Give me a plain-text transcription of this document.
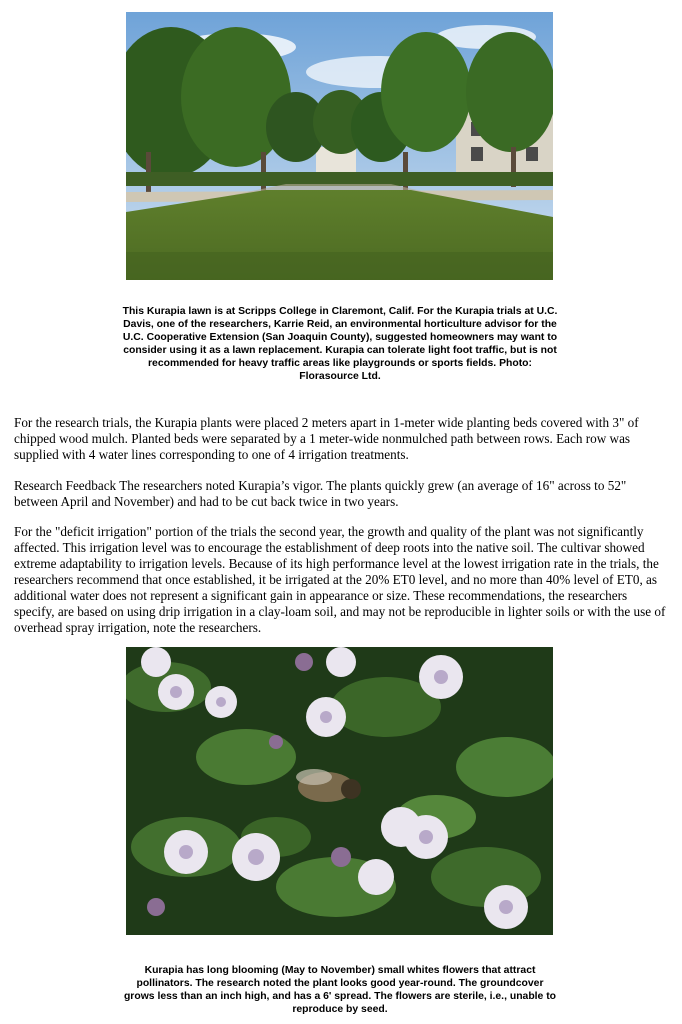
This Kurapia lawn is at Scripps College in Claremont, Calif. For the Kurapia trials at U.C. Davis, one of the researchers, Karrie Reid, an environmental horticulture advisor for the U.C. Cooperative Extension (San Joaquin County), suggested homeowners may want to consider using it as a lawn replacement. Kurapia can tolerate light foot traffic, but is not recommended for heavy traffic areas like playgrounds or sports fields. Photo: Florasource Ltd.

For the research trials, the Kurapia plants were placed 2 meters apart in 1-meter wide planting beds covered with 3" of chipped wood mulch. Planted beds were separated by a 1 meter-wide nonmulched path between rows. Each row was supplied with 4 water lines corresponding to one of 4 irrigation treatments.

Research Feedback The researchers noted Kurapia’s vigor. The plants quickly grew (an average of 16" across to 52" between April and November) and had to be cut back twice in two years.

For the "deficit irrigation" portion of the trials the second year, the growth and quality of the plant was not significantly affected. This irrigation level was to encourage the establishment of deep roots into the native soil. The cultivar showed extreme adaptability to irrigation levels. Because of its high performance level at the lowest irrigation rate in the trials, the researchers recommend that once established, it be irrigated at the 20% ET0 level, and no more than 40% level of ET0, as additional water does not represent a significant gain in appearance or size. These recommendations, the researchers specify, are based on using drip irrigation in a clay-loam soil, and may not be reproducible in lighter soils or with the use of overhead spray irrigation, note the researchers.

Kurapia has long blooming (May to November) small whites flowers that attract pollinators. The research noted the plant looks good year-round. The groundcover grows less than an inch high, and has a 6' spread. The flowers are sterile, i.e., unable to reproduce by seed.
